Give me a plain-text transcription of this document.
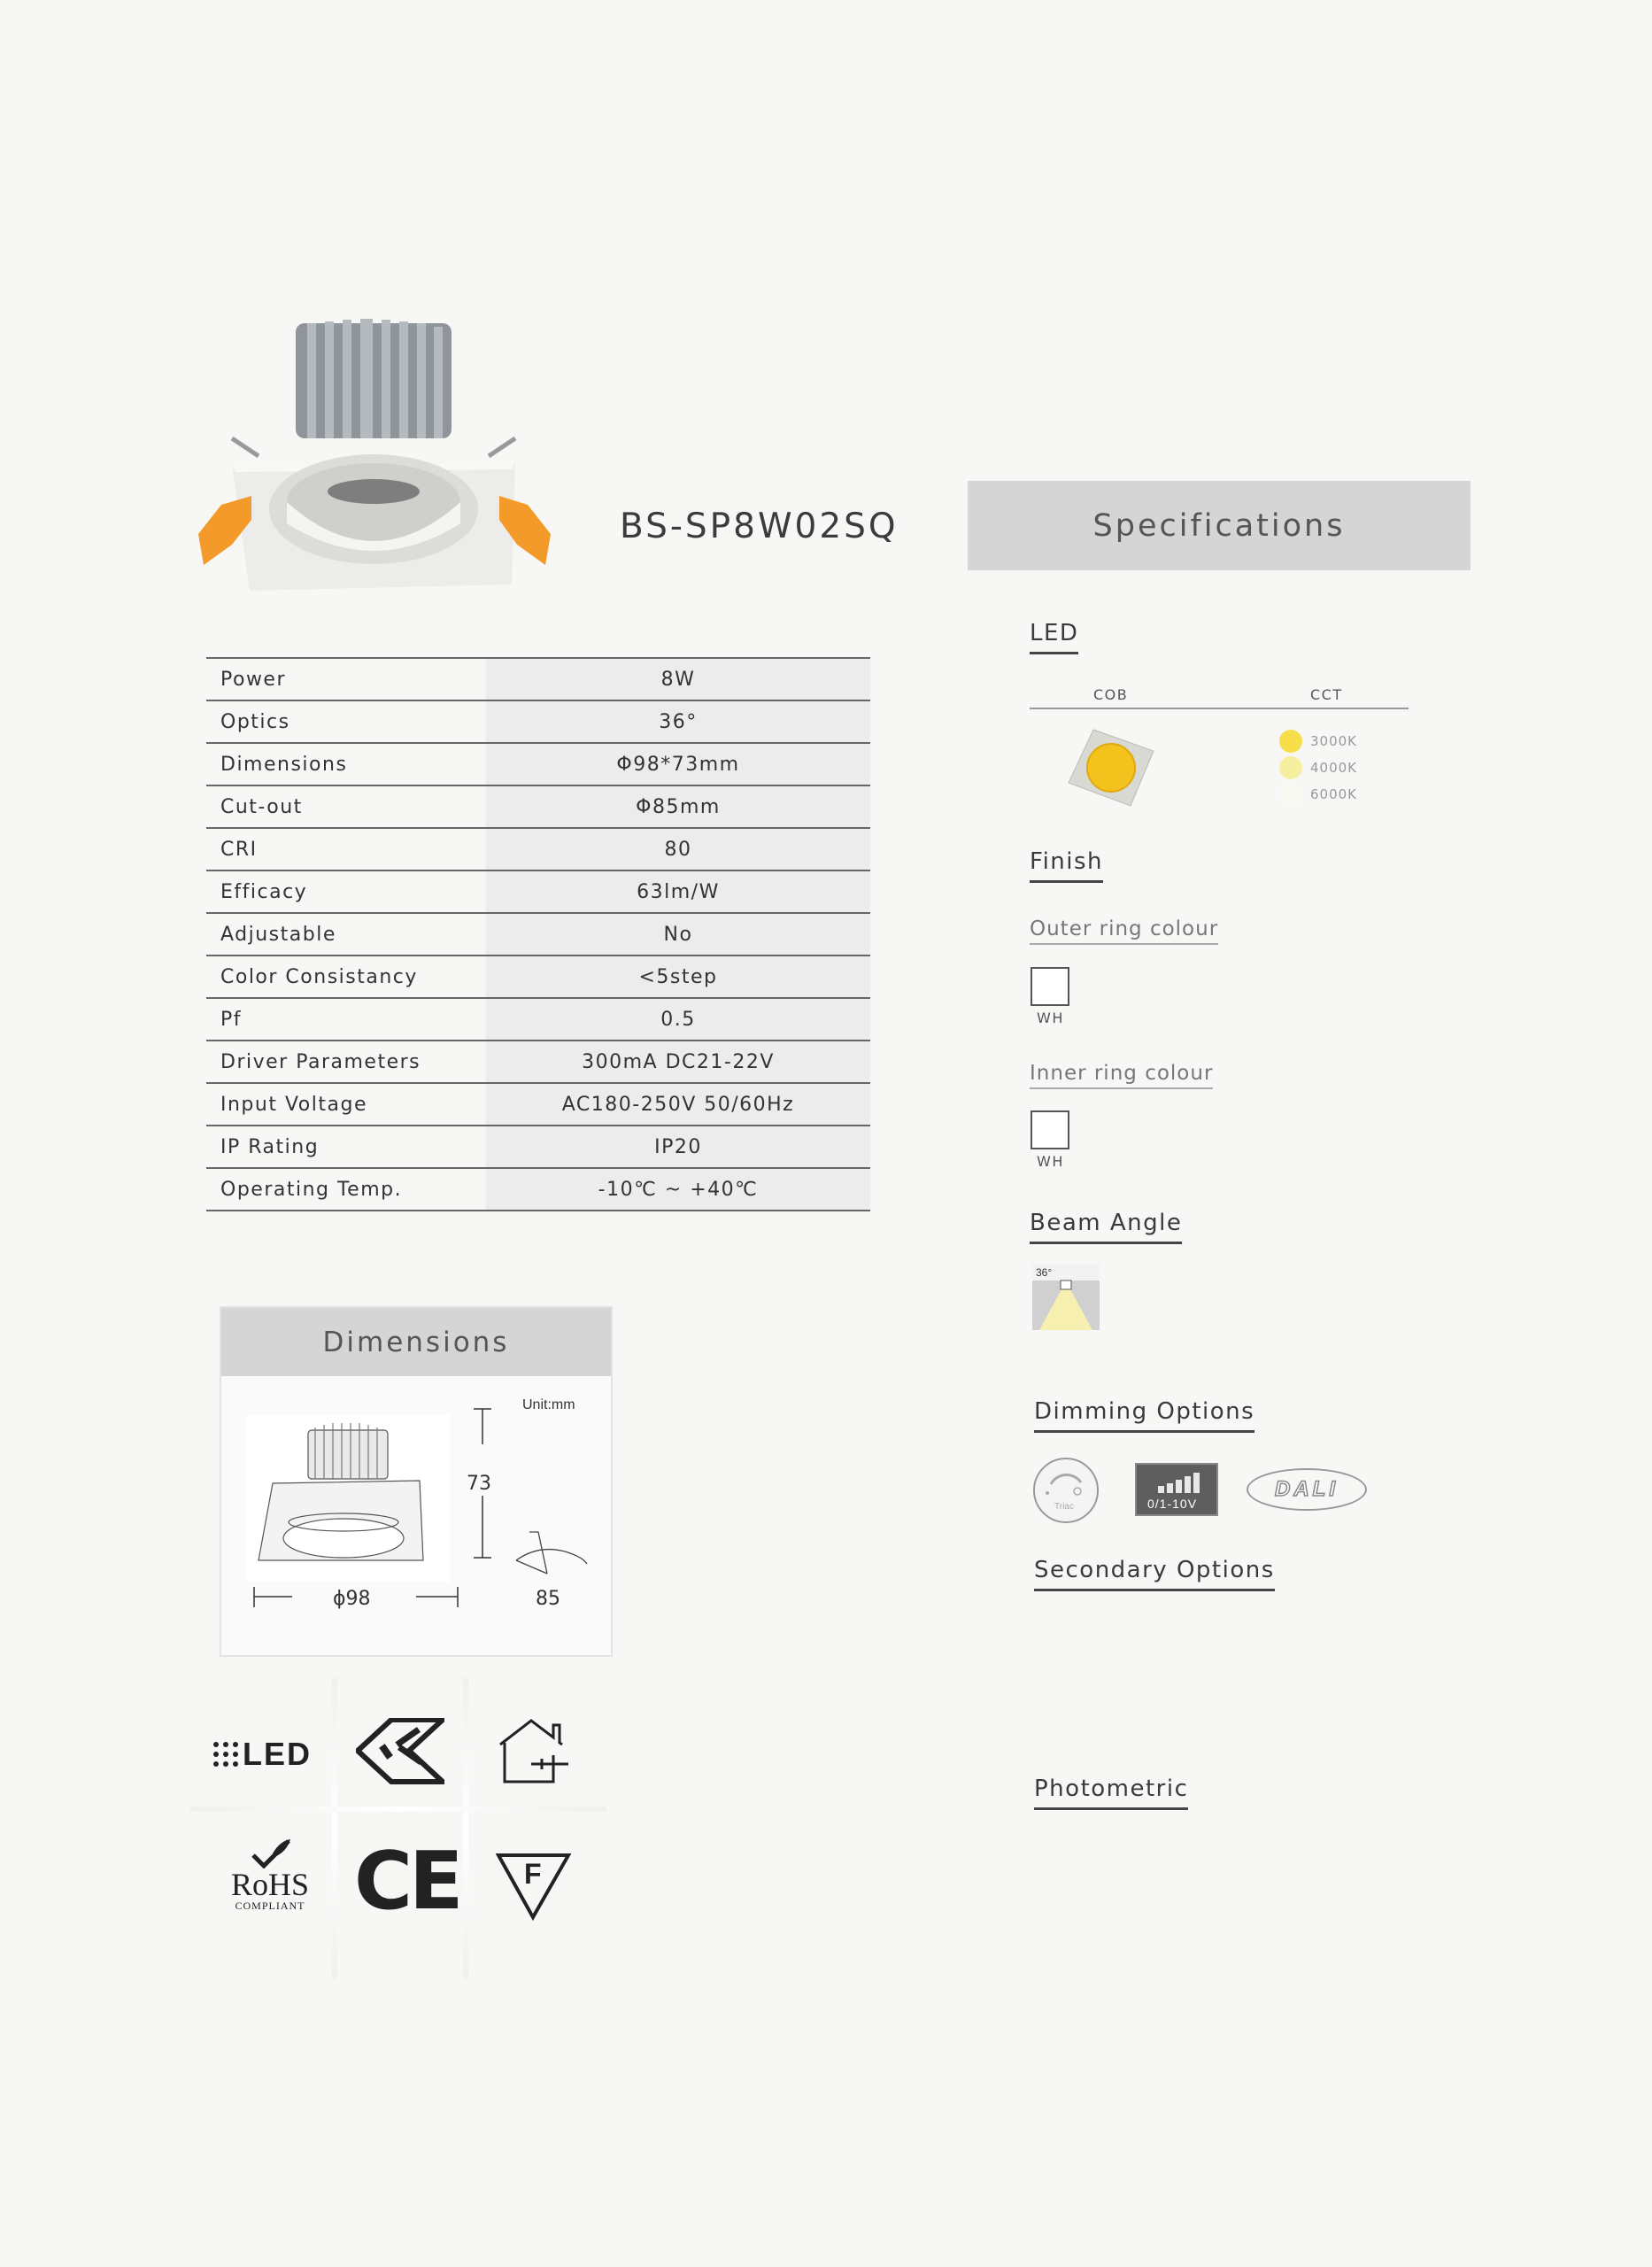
BS-SP8W02SQ	Specifications
Power	8W
Optics	36°
Dimensions	Φ98*73mm
Cut-out	Φ85mm
CRI	80
Efficacy	63lm/W
Adjustable	No
Color Consistancy	<5step
Pf	0.5
Driver Parameters	300mA DC21-22V
Input Voltage	AC180-250V 50/60Hz
IP Rating	IP20
Operating Temp.	-10℃ ~ +40℃
Dimensions
Unit:mm
73
85
ϕ98
LED
RoHS
COMPLIANT CE F
LED
COB	CCT
3000K
4000K
6000K
Finish
Outer ring colour
WH
Inner ring colour
WH
Beam Angle
36°
Dimming Options
Triac	0/1-10V
DALI
Secondary Options
Photometric
